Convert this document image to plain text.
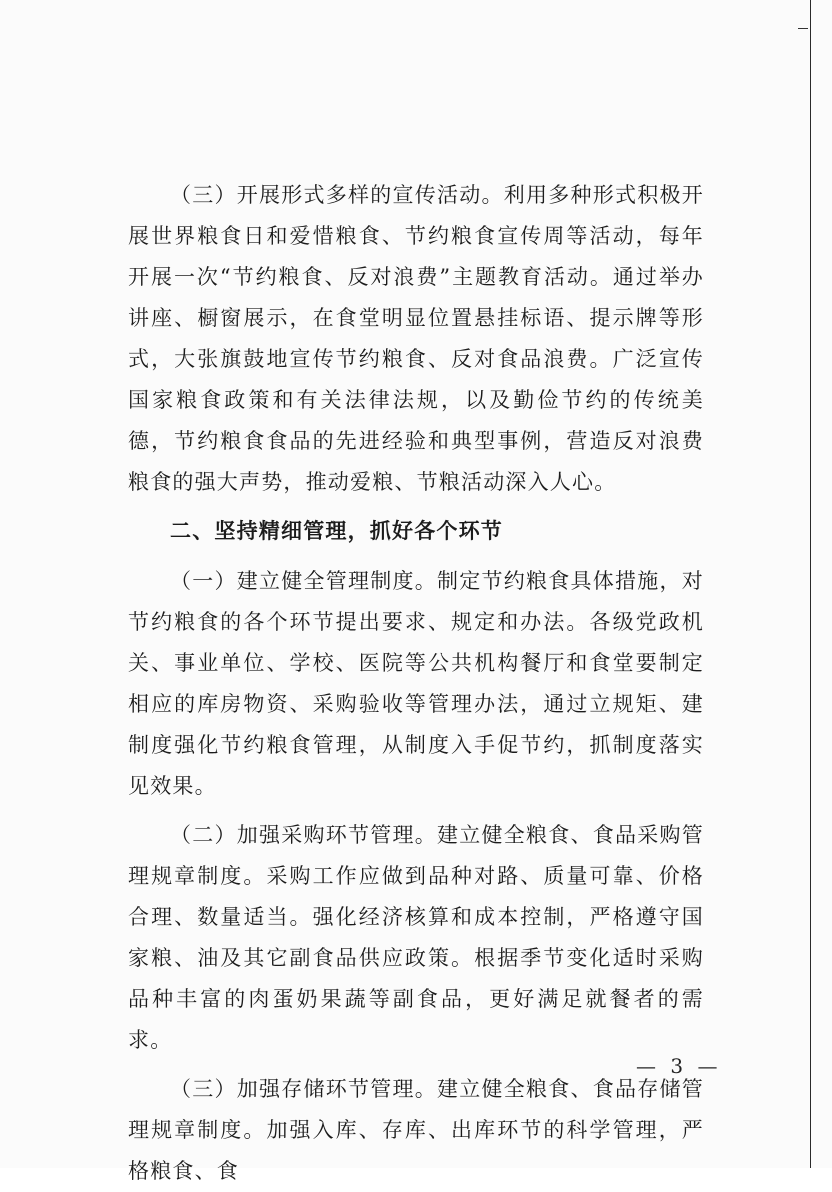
（三）开展形式多样的宣传活动。利用多种形式积极开展世界粮食日和爱惜粮食、节约粮食宣传周等活动，每年开展一次“节约粮食、反对浪费”主题教育活动。通过举办讲座、橱窗展示，在食堂明显位置悬挂标语、提示牌等形式，大张旗鼓地宣传节约粮食、反对食品浪费。广泛宣传国家粮食政策和有关法律法规，以及勤俭节约的传统美德，节约粮食食品的先进经验和典型事例，营造反对浪费粮食的强大声势，推动爱粮、节粮活动深入人心。

二、坚持精细管理，抓好各个环节

（一）建立健全管理制度。制定节约粮食具体措施，对节约粮食的各个环节提出要求、规定和办法。各级党政机关、事业单位、学校、医院等公共机构餐厅和食堂要制定相应的库房物资、采购验收等管理办法，通过立规矩、建制度强化节约粮食管理，从制度入手促节约，抓制度落实见效果。

（二）加强采购环节管理。建立健全粮食、食品采购管理规章制度。采购工作应做到品种对路、质量可靠、价格合理、数量适当。强化经济核算和成本控制，严格遵守国家粮、油及其它副食品供应政策。根据季节变化适时采购品种丰富的肉蛋奶果蔬等副食品，更好满足就餐者的需求。

（三）加强存储环节管理。建立健全粮食、食品存储管理规章制度。加强入库、存库、出库环节的科学管理，严格粮食、食

— 3 —
